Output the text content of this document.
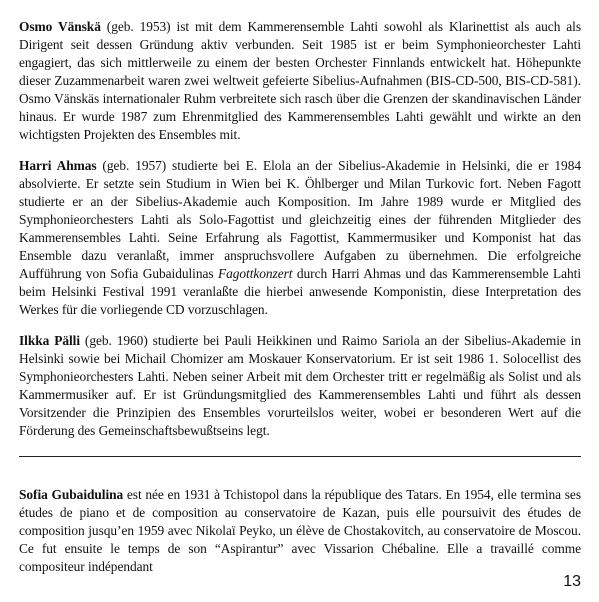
Osmo Vänskä (geb. 1953) ist mit dem Kammerensemble Lahti sowohl als Klarinettist als auch als Dirigent seit dessen Gründung aktiv verbunden. Seit 1985 ist er beim Symphonieorchester Lahti engagiert, das sich mittlerweile zu einem der besten Orchester Finnlands entwickelt hat. Höhepunkte dieser Zuzammenarbeit waren zwei weltweit gefeierte Sibelius-Aufnahmen (BIS-CD-500, BIS-CD-581). Osmo Vänskäs internationaler Ruhm verbreitete sich rasch über die Grenzen der skandinavischen Länder hinaus. Er wurde 1987 zum Ehrenmitglied des Kammerensembles Lahti gewählt und wirkte an den wichtigsten Projekten des Ensembles mit.

Harri Ahmas (geb. 1957) studierte bei E. Elola an der Sibelius-Akademie in Helsinki, die er 1984 absolvierte. Er setzte sein Studium in Wien bei K. Öhlberger und Milan Turkovic fort. Neben Fagott studierte er an der Sibelius-Akademie auch Komposition. Im Jahre 1989 wurde er Mitglied des Symphonieorchesters Lahti als Solo-Fagottist und gleichzeitig eines der führenden Mitglieder des Kammerensembles Lahti. Seine Erfahrung als Fagottist, Kammermusiker und Komponist hat das Ensemble dazu veranlaßt, immer anspruchsvollere Aufgaben zu übernehmen. Die erfolgreiche Aufführung von Sofia Gubaidulinas Fagottkonzert durch Harri Ahmas und das Kammerensemble Lahti beim Helsinki Festival 1991 veranlaßte die hierbei anwesende Komponistin, diese Interpretation des Werkes für die vorliegende CD vorzuschlagen.

Ilkka Pälli (geb. 1960) studierte bei Pauli Heikkinen und Raimo Sariola an der Sibelius-Akademie in Helsinki sowie bei Michail Chomizer am Moskauer Konservatorium. Er ist seit 1986 1. Solocellist des Symphonieorchesters Lahti. Neben seiner Arbeit mit dem Orchester tritt er regelmäßig als Solist und als Kammermusiker auf. Er ist Gründungsmitglied des Kammerensembles Lahti und führt als dessen Vorsitzender die Prinzipien des Ensembles vorurteilslos weiter, wobei er besonderen Wert auf die Förderung des Gemeinschaftsbewußtseins legt.

Sofia Gubaidulina est née en 1931 à Tchistopol dans la république des Tatars. En 1954, elle termina ses études de piano et de composition au conservatoire de Kazan, puis elle poursuivit des études de composition jusqu’en 1959 avec Nikolaï Peyko, un élève de Chostakovitch, au conservatoire de Moscou. Ce fut ensuite le temps de son “Aspirantur” avec Vissarion Chébaline. Elle a travaillé comme compositeur indépendant

13
